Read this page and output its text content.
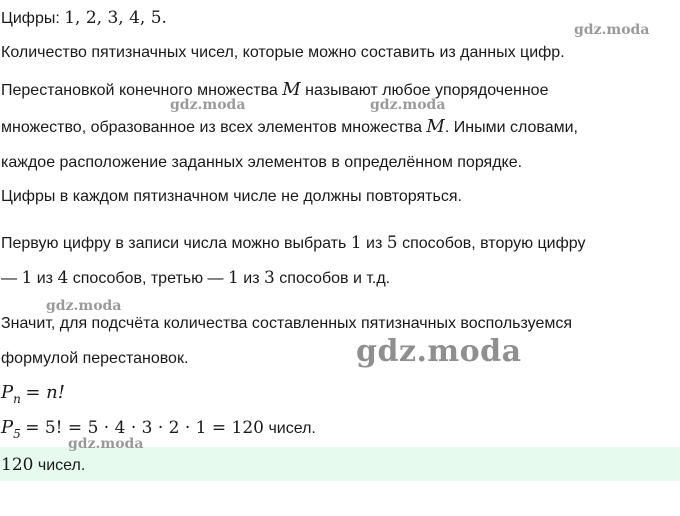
Цифры: 1, 2, 3, 4, 5.
Количество пятизначных чисел, которые можно составить из данных цифр.
Перестановкой конечного множества M называют любое упорядоченное
множество, образованное из всех элементов множества M. Иными словами,
каждое расположение заданных элементов в определённом порядке.
Цифры в каждом пятизначном числе не должны повторяться.
Первую цифру в записи числа можно выбрать 1 из 5 способов, вторую цифру
— 1 из 4 способов, третью — 1 из 3 способов и т.д.
Значит, для подсчёта количества составленных пятизначных воспользуемся
формулой перестановок.
$P_n = n$!
$P_5 = 5$! = 5 · 4 · 3 · 2 · 1 = 120 чисел.
120 чисел.
gdz.moda
gdz.moda	gdz.moda
gdz.moda
gdz.moda
gdz.moda
